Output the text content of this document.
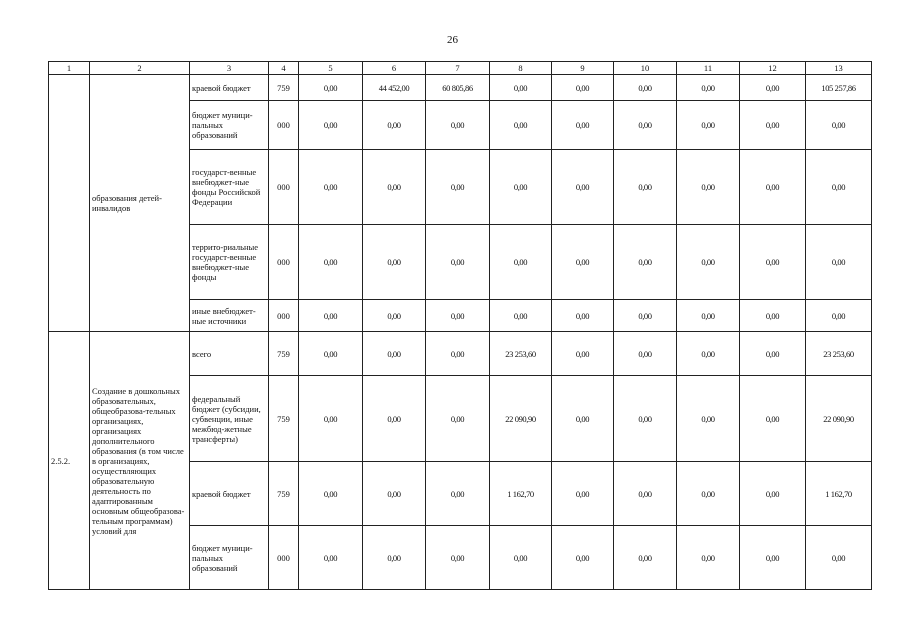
26
1	2	3	4	5	6	7	8	9	10	11	12	13
	образования детей-инвалидов	краевой бюджет	759	0,00	44 452,00	60 805,86	0,00	0,00	0,00	0,00	0,00	105 257,86
		бюджет муници-пальных образований	000	0,00	0,00	0,00	0,00	0,00	0,00	0,00	0,00	0,00
		государст-венные внебюджет-ные фонды Российской Федерации	000	0,00	0,00	0,00	0,00	0,00	0,00	0,00	0,00	0,00
		террито-риальные государст-венные внебюджет-ные фонды	000	0,00	0,00	0,00	0,00	0,00	0,00	0,00	0,00	0,00
		иные внебюджет-ные источники	000	0,00	0,00	0,00	0,00	0,00	0,00	0,00	0,00	0,00
2.5.2.	Создание в дошкольных образовательных, общеобразова-тельных организациях, организациях дополнительного образования (в том числе в организациях, осуществляющих образовательную деятельность по адаптированным основным общеобразова-тельным программам) условий для	всего	759	0,00	0,00	0,00	23 253,60	0,00	0,00	0,00	0,00	23 253,60
		федеральный бюджет (субсидии, субвенции, иные межбюд-жетные трансферты)	759	0,00	0,00	0,00	22 090,90	0,00	0,00	0,00	0,00	22 090,90
		краевой бюджет	759	0,00	0,00	0,00	1 162,70	0,00	0,00	0,00	0,00	1 162,70
		бюджет муници-пальных образований	000	0,00	0,00	0,00	0,00	0,00	0,00	0,00	0,00	0,00
